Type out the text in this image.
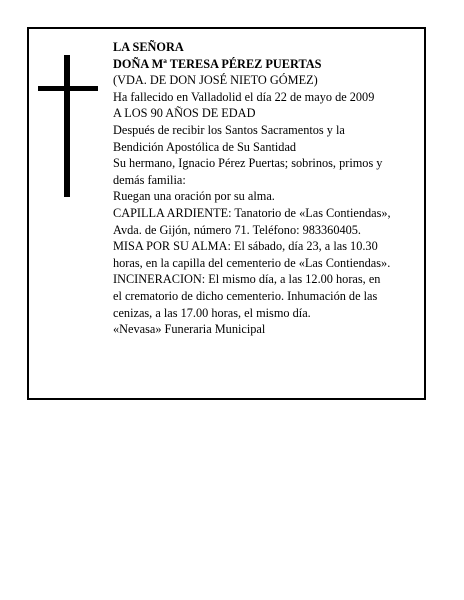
LA SEÑORA
DOÑA Mª TERESA PÉREZ PUERTAS
(VDA. DE DON JOSÉ NIETO GÓMEZ)
Ha fallecido en Valladolid el día 22 de mayo de 2009
A LOS 90 AÑOS DE EDAD
Después de recibir los Santos Sacramentos y la
Bendición Apostólica de Su Santidad
Su hermano, Ignacio Pérez Puertas; sobrinos, primos y
demás familia:
Ruegan una oración por su alma.
CAPILLA ARDIENTE: Tanatorio de «Las Contiendas»,
Avda. de Gijón, número 71. Teléfono: 983360405.
MISA POR SU ALMA: El sábado, día 23, a las 10.30
horas, en la capilla del cementerio de «Las Contiendas».
INCINERACION: El mismo día, a las 12.00 horas, en
el crematorio de dicho cementerio. Inhumación de las
cenizas, a las 17.00 horas, el mismo día.
«Nevasa» Funeraria Municipal
